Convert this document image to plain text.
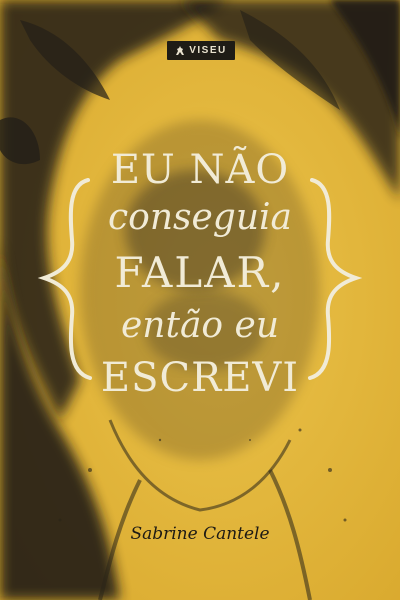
VISEU
EU NÃO
conseguia
FALAR,
então eu
ESCREVI
Sabrine Cantele
